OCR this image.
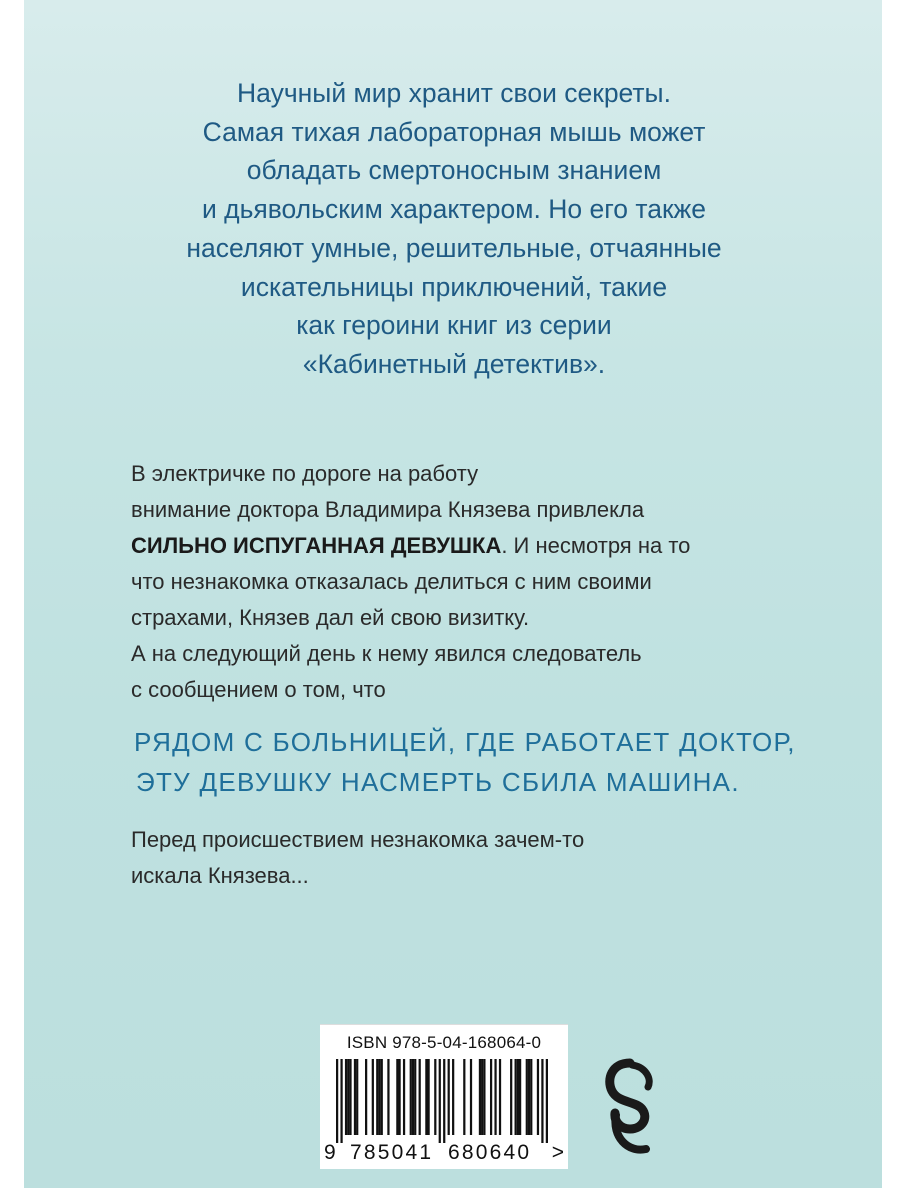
Научный мир хранит свои секреты.
Самая тихая лабораторная мышь может
обладать смертоносным знанием
и дьявольским характером. Но его также
населяют умные, решительные, отчаянные
искательницы приключений, такие
как героини книг из серии
«Кабинетный детектив».
В электричке по дороге на работу
внимание доктора Владимира Князева привлекла
СИЛЬНО ИСПУГАННАЯ ДЕВУШКА. И несмотря на то
что незнакомка отказалась делиться с ним своими
страхами, Князев дал ей свою визитку.
А на следующий день к нему явился следователь
с сообщением о том, что
РЯДОМ С БОЛЬНИЦЕЙ, ГДЕ РАБОТАЕТ ДОКТОР,
ЭТУ ДЕВУШКУ НАСМЕРТЬ СБИЛА МАШИНА.
Перед происшествием незнакомка зачем-то
искала Князева...
ISBN 978-5-04-168064-0
9 785041 680640 >
